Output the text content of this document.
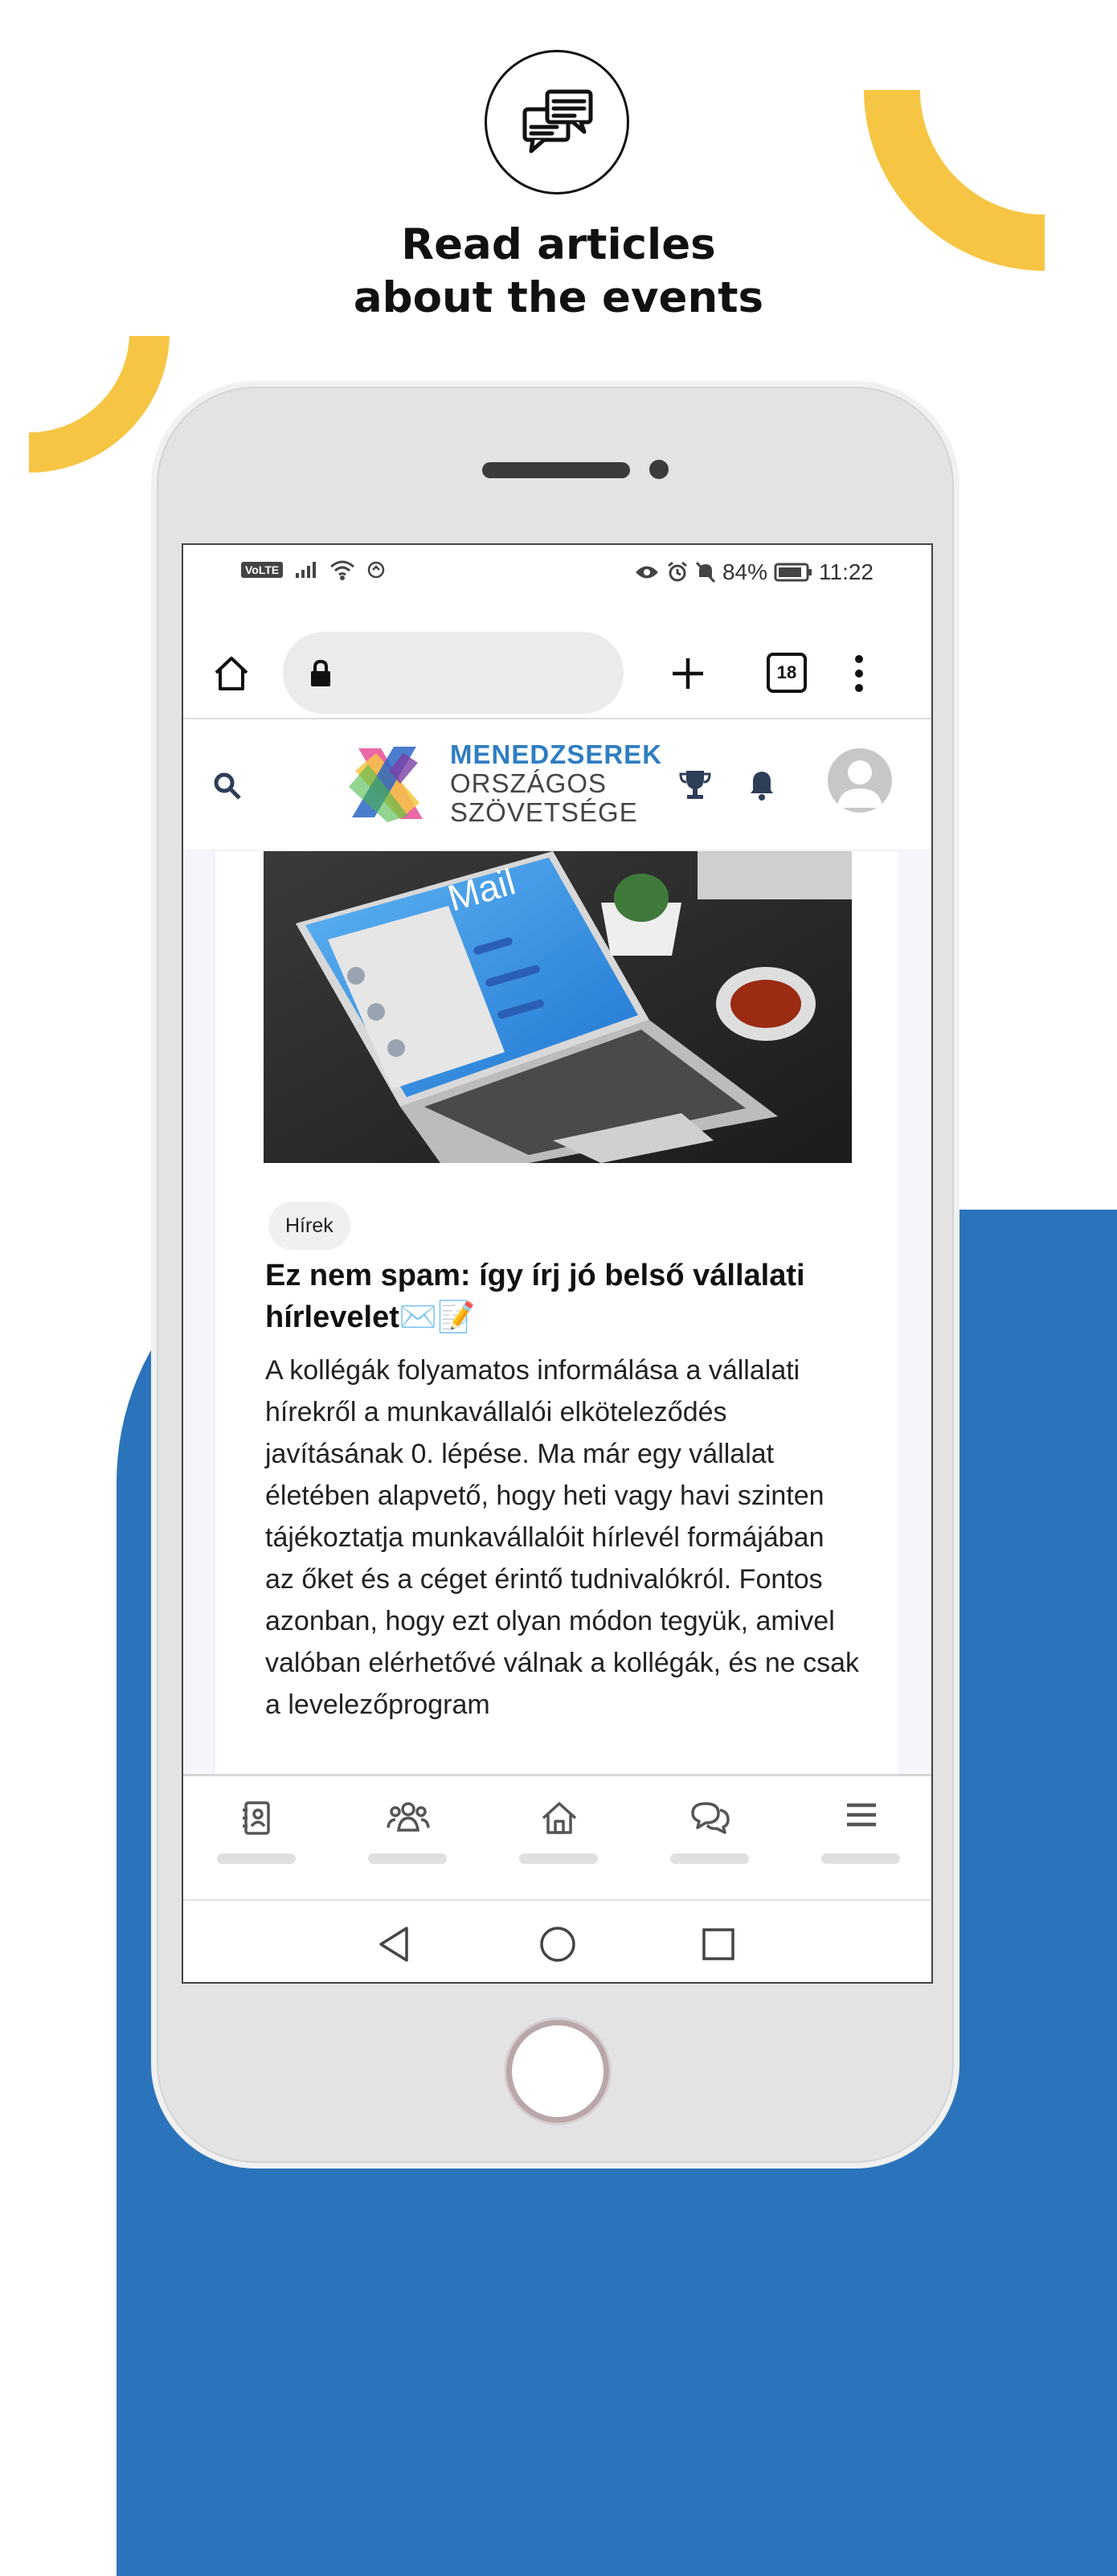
Read articles
about the events
VoLTE	84% 11:22
18
MENEDZSEREK
ORSZÁGOS
SZÖVETSÉGE
Mail
Hírek
Ez nem spam: így írj jó belső vállalati hírlevelet✉️📝
A kollégák folyamatos informálása a vállalati hírekről a munkavállalói elköteleződés javításának 0. lépése. Ma már egy vállalat életében alapvető, hogy heti vagy havi szinten tájékoztatja munkavállalóit hírlevél formájában az őket és a céget érintő tudnivalókról. Fontos azonban, hogy ezt olyan módon tegyük, amivel valóban elérhetővé válnak a kollégák, és ne csak a levelezőprogram
